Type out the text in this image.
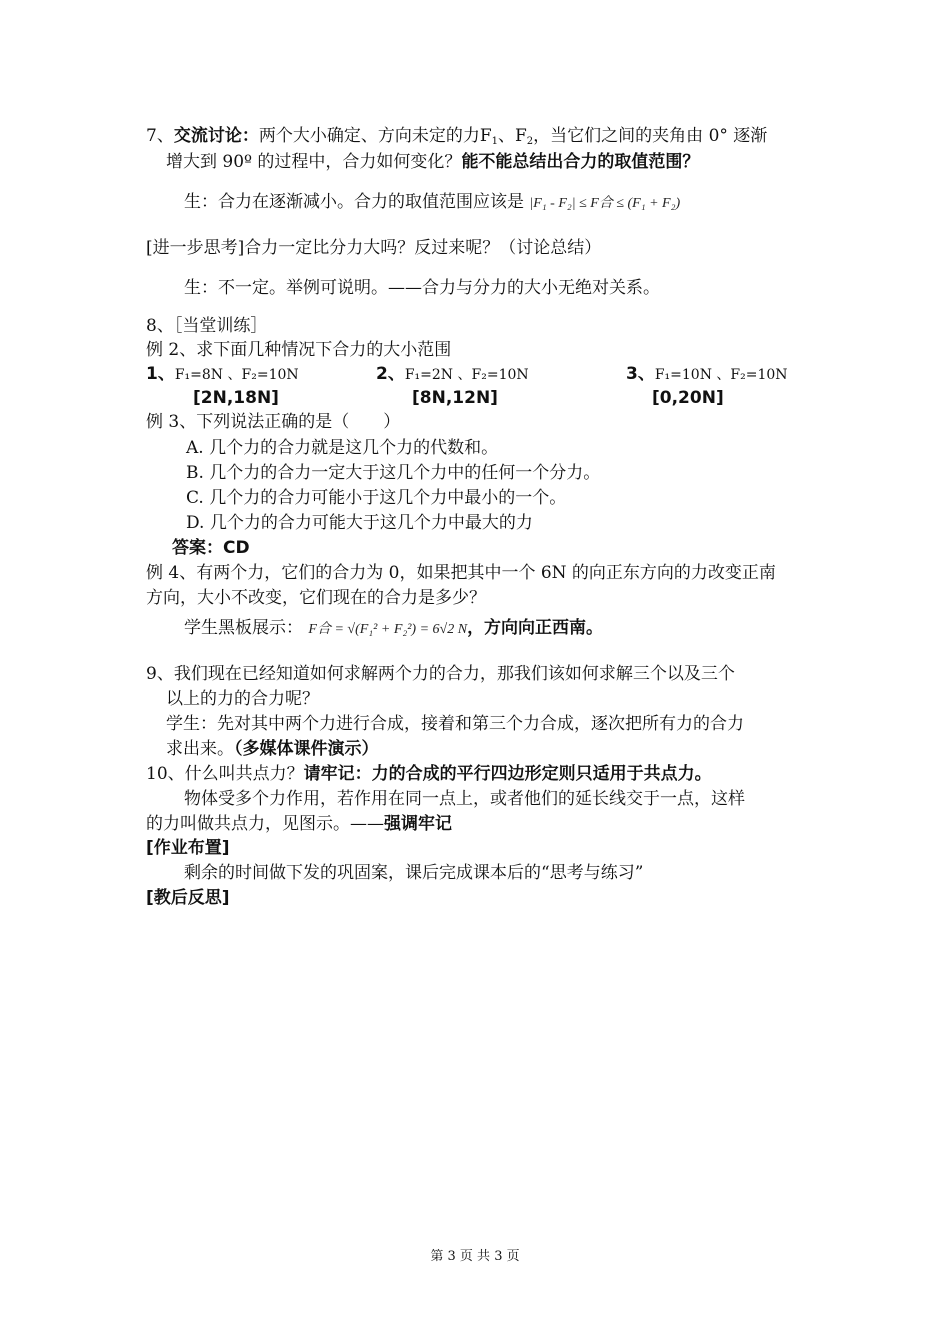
7、交流讨论：两个大小确定、方向未定的力$F_1$、$F_2$，当它们之间的夹角由 0° 逐渐
增大到 90º 的过程中，合力如何变化？能不能总结出合力的取值范围？
生：合力在逐渐减小。合力的取值范围应该是 |F₁ - F₂| ≤ F合 ≤ (F₁ + F₂)
[进一步思考]合力一定比分力大吗？反过来呢？（讨论总结）
生：不一定。举例可说明。——合力与分力的大小无绝对关系。
8、［当堂训练］
例 2、求下面几种情况下合力的大小范围
1、F₁=8N 、F₂=10N	2、F₁=2N 、F₂=10N	3、F₁=10N 、F₂=10N
[2N,18N]	[8N,12N]	[0,20N]
例 3、下列说法正确的是（　　）
A. 几个力的合力就是这几个力的代数和。
B. 几个力的合力一定大于这几个力中的任何一个分力。
C. 几个力的合力可能小于这几个力中最小的一个。
D. 几个力的合力可能大于这几个力中最大的力
答案：CD
例 4、有两个力，它们的合力为 0，如果把其中一个 6N 的向正东方向的力改变正南
方向，大小不改变，它们现在的合力是多少？
学生黑板展示： F合 = √(F₁² + F₂²) = 6√2 N，方向向正西南。
9、我们现在已经知道如何求解两个力的合力，那我们该如何求解三个以及三个
以上的力的合力呢？
学生：先对其中两个力进行合成，接着和第三个力合成，逐次把所有力的合力
求出来。（多媒体课件演示）
10、什么叫共点力？请牢记：力的合成的平行四边形定则只适用于共点力。
物体受多个力作用，若作用在同一点上，或者他们的延长线交于一点，这样
的力叫做共点力，见图示。——强调牢记
[作业布置]
剩余的时间做下发的巩固案，课后完成课本后的“思考与练习”
[教后反思]
第 3 页 共 3 页
